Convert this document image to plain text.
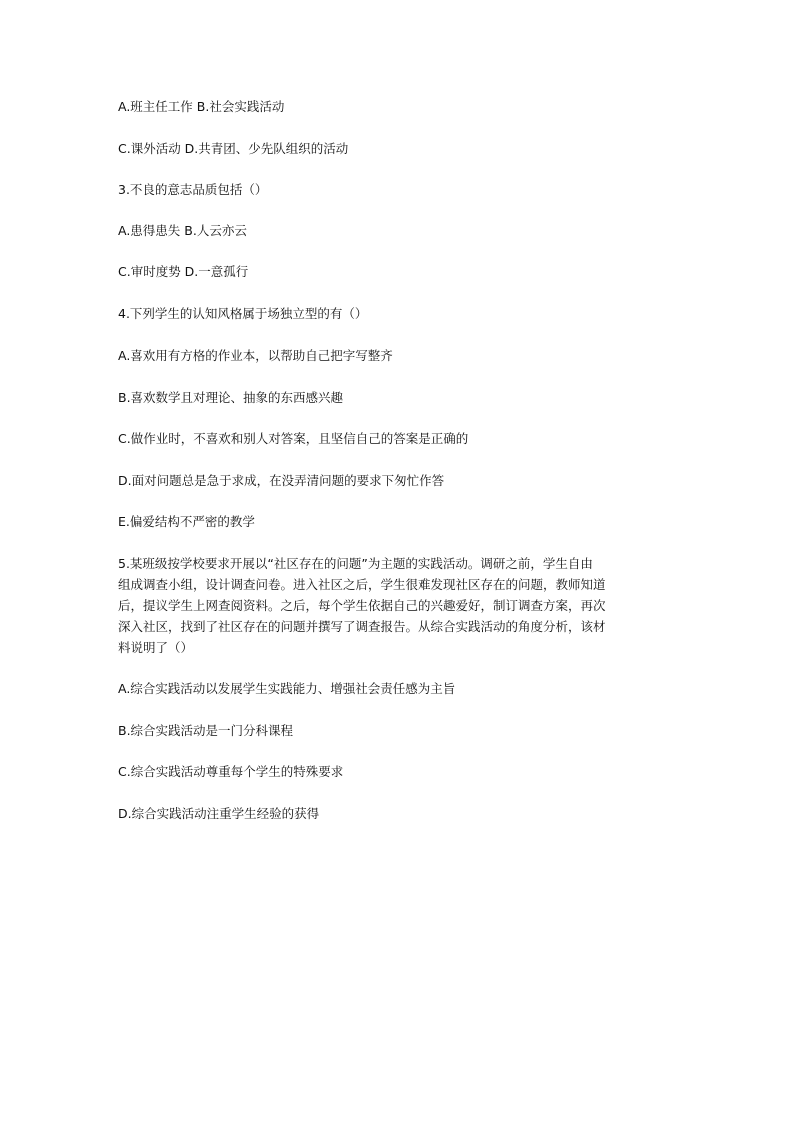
A.班主任工作 B.社会实践活动
C.课外活动 D.共青团、少先队组织的活动
3.不良的意志品质包括（）
A.患得患失 B.人云亦云
C.审时度势 D.一意孤行
4.下列学生的认知风格属于场独立型的有（）
A.喜欢用有方格的作业本，以帮助自己把字写整齐
B.喜欢数学且对理论、抽象的东西感兴趣
C.做作业时，不喜欢和别人对答案，且坚信自己的答案是正确的
D.面对问题总是急于求成，在没弄清问题的要求下匆忙作答
E.偏爱结构不严密的教学
5.某班级按学校要求开展以“社区存在的问题”为主题的实践活动。调研之前，学生自由
组成调查小组，设计调查问卷。进入社区之后，学生很难发现社区存在的问题，教师知道
后，提议学生上网查阅资料。之后，每个学生依据自己的兴趣爱好，制订调查方案，再次
深入社区，找到了社区存在的问题并撰写了调查报告。从综合实践活动的角度分析，该材
料说明了（）
A.综合实践活动以发展学生实践能力、增强社会责任感为主旨
B.综合实践活动是一门分科课程
C.综合实践活动尊重每个学生的特殊要求
D.综合实践活动注重学生经验的获得
